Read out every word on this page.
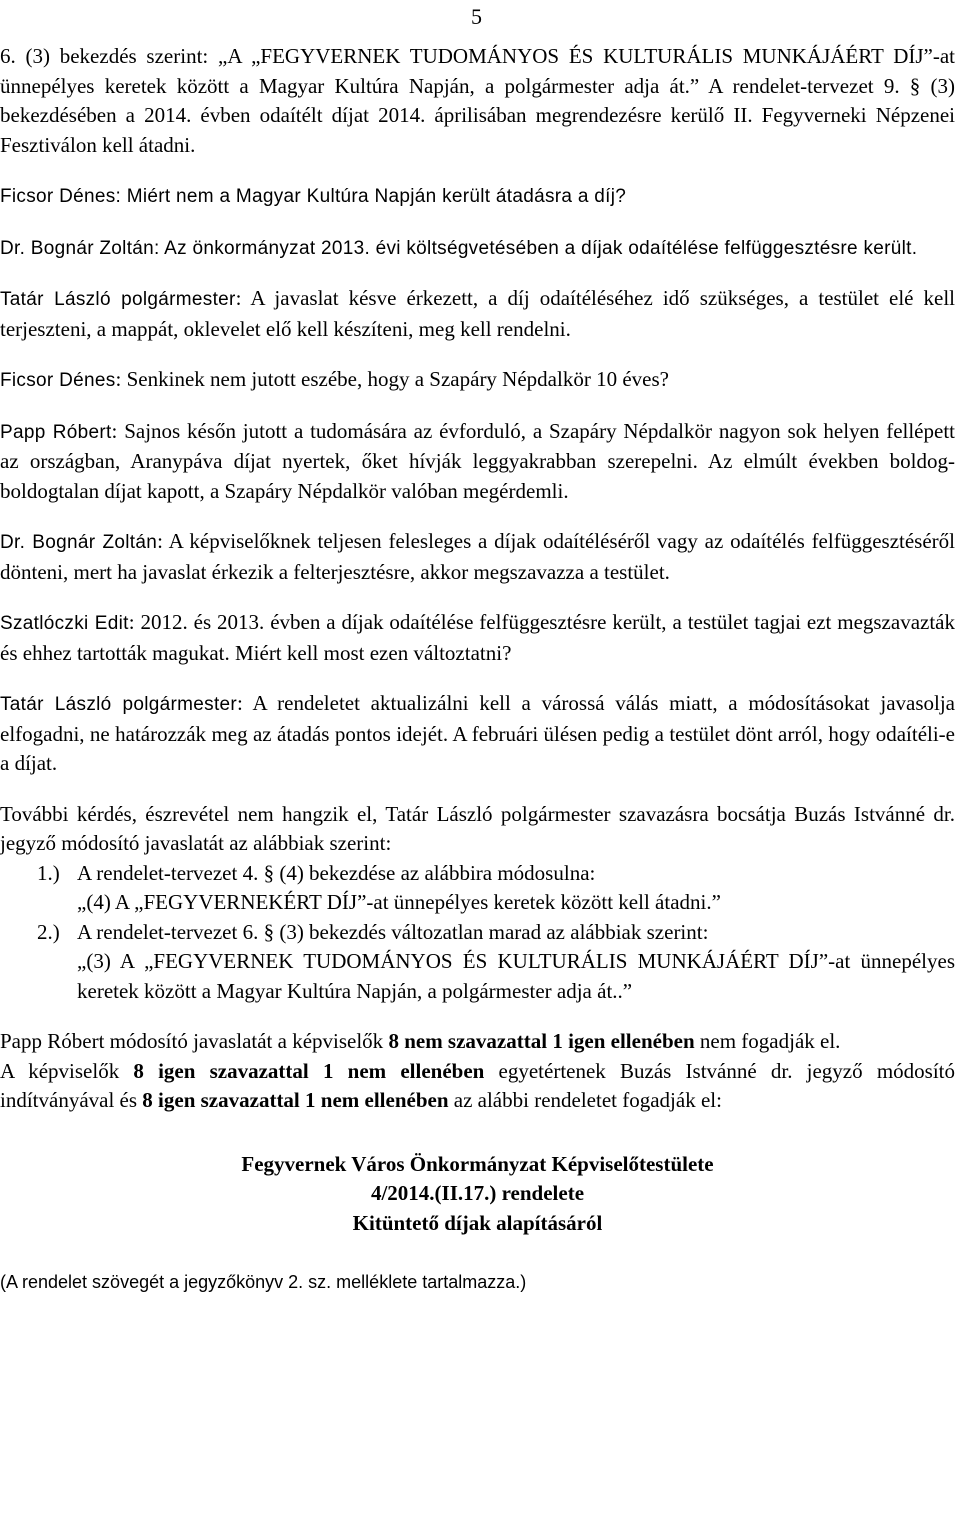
5

6. (3) bekezdés szerint: „A „FEGYVERNEK TUDOMÁNYOS ÉS KULTURÁLIS MUNKÁJÁÉRT DÍJ”-at ünnepélyes keretek között a Magyar Kultúra Napján, a polgármester adja át.” A rendelet-tervezet 9. § (3) bekezdésében a 2014. évben odaítélt díjat 2014. áprilisában megrendezésre kerülő II. Fegyverneki Népzenei Fesztiválon kell átadni.

Ficsor Dénes: Miért nem a Magyar Kultúra Napján került átadásra a díj?

Dr. Bognár Zoltán: Az önkormányzat 2013. évi költségvetésében a díjak odaítélése felfüggesztésre került.

Tatár László polgármester: A javaslat késve érkezett, a díj odaítéléséhez idő szükséges, a testület elé kell terjeszteni, a mappát, oklevelet elő kell készíteni, meg kell rendelni.

Ficsor Dénes: Senkinek nem jutott eszébe, hogy a Szapáry Népdalkör 10 éves?

Papp Róbert: Sajnos későn jutott a tudomására az évforduló, a Szapáry Népdalkör nagyon sok helyen fellépett az országban, Aranypáva díjat nyertek, őket hívják leggyakrabban szerepelni. Az elmúlt években boldog-boldogtalan díjat kapott, a Szapáry Népdalkör valóban megérdemli.

Dr. Bognár Zoltán: A képviselőknek teljesen felesleges a díjak odaítéléséről vagy az odaítélés felfüggesztéséről dönteni, mert ha javaslat érkezik a felterjesztésre, akkor megszavazza a testület.

Szatlóczki Edit: 2012. és 2013. évben a díjak odaítélése felfüggesztésre került, a testület tagjai ezt megszavazták és ehhez tartották magukat. Miért kell most ezen változtatni?

Tatár László polgármester: A rendeletet aktualizálni kell a várossá válás miatt, a módosításokat javasolja elfogadni, ne határozzák meg az átadás pontos idejét. A februári ülésen pedig a testület dönt arról, hogy odaítéli-e a díjat.

További kérdés, észrevétel nem hangzik el, Tatár László polgármester szavazásra bocsátja Buzás Istvánné dr. jegyző módosító javaslatát az alábbiak szerint:

1.) A rendelet-tervezet 4. § (4) bekezdése az alábbira módosulna:

„(4) A „FEGYVERNEKÉRT DÍJ”-at ünnepélyes keretek között kell átadni.”

2.) A rendelet-tervezet 6. § (3) bekezdés változatlan marad az alábbiak szerint:

„(3) A „FEGYVERNEK TUDOMÁNYOS ÉS KULTURÁLIS MUNKÁJÁÉRT DÍJ”-at ünnepélyes keretek között a Magyar Kultúra Napján, a polgármester adja át..”

Papp Róbert módosító javaslatát a képviselők 8 nem szavazattal 1 igen ellenében nem fogadják el.

A képviselők 8 igen szavazattal 1 nem ellenében egyetértenek Buzás Istvánné dr. jegyző módosító indítványával és 8 igen szavazattal 1 nem ellenében az alábbi rendeletet fogadják el:

Fegyvernek Város Önkormányzat Képviselőtestülete

4/2014.(II.17.) rendelete

Kitüntető díjak alapításáról

(A rendelet szövegét a jegyzőkönyv 2. sz. melléklete tartalmazza.)
